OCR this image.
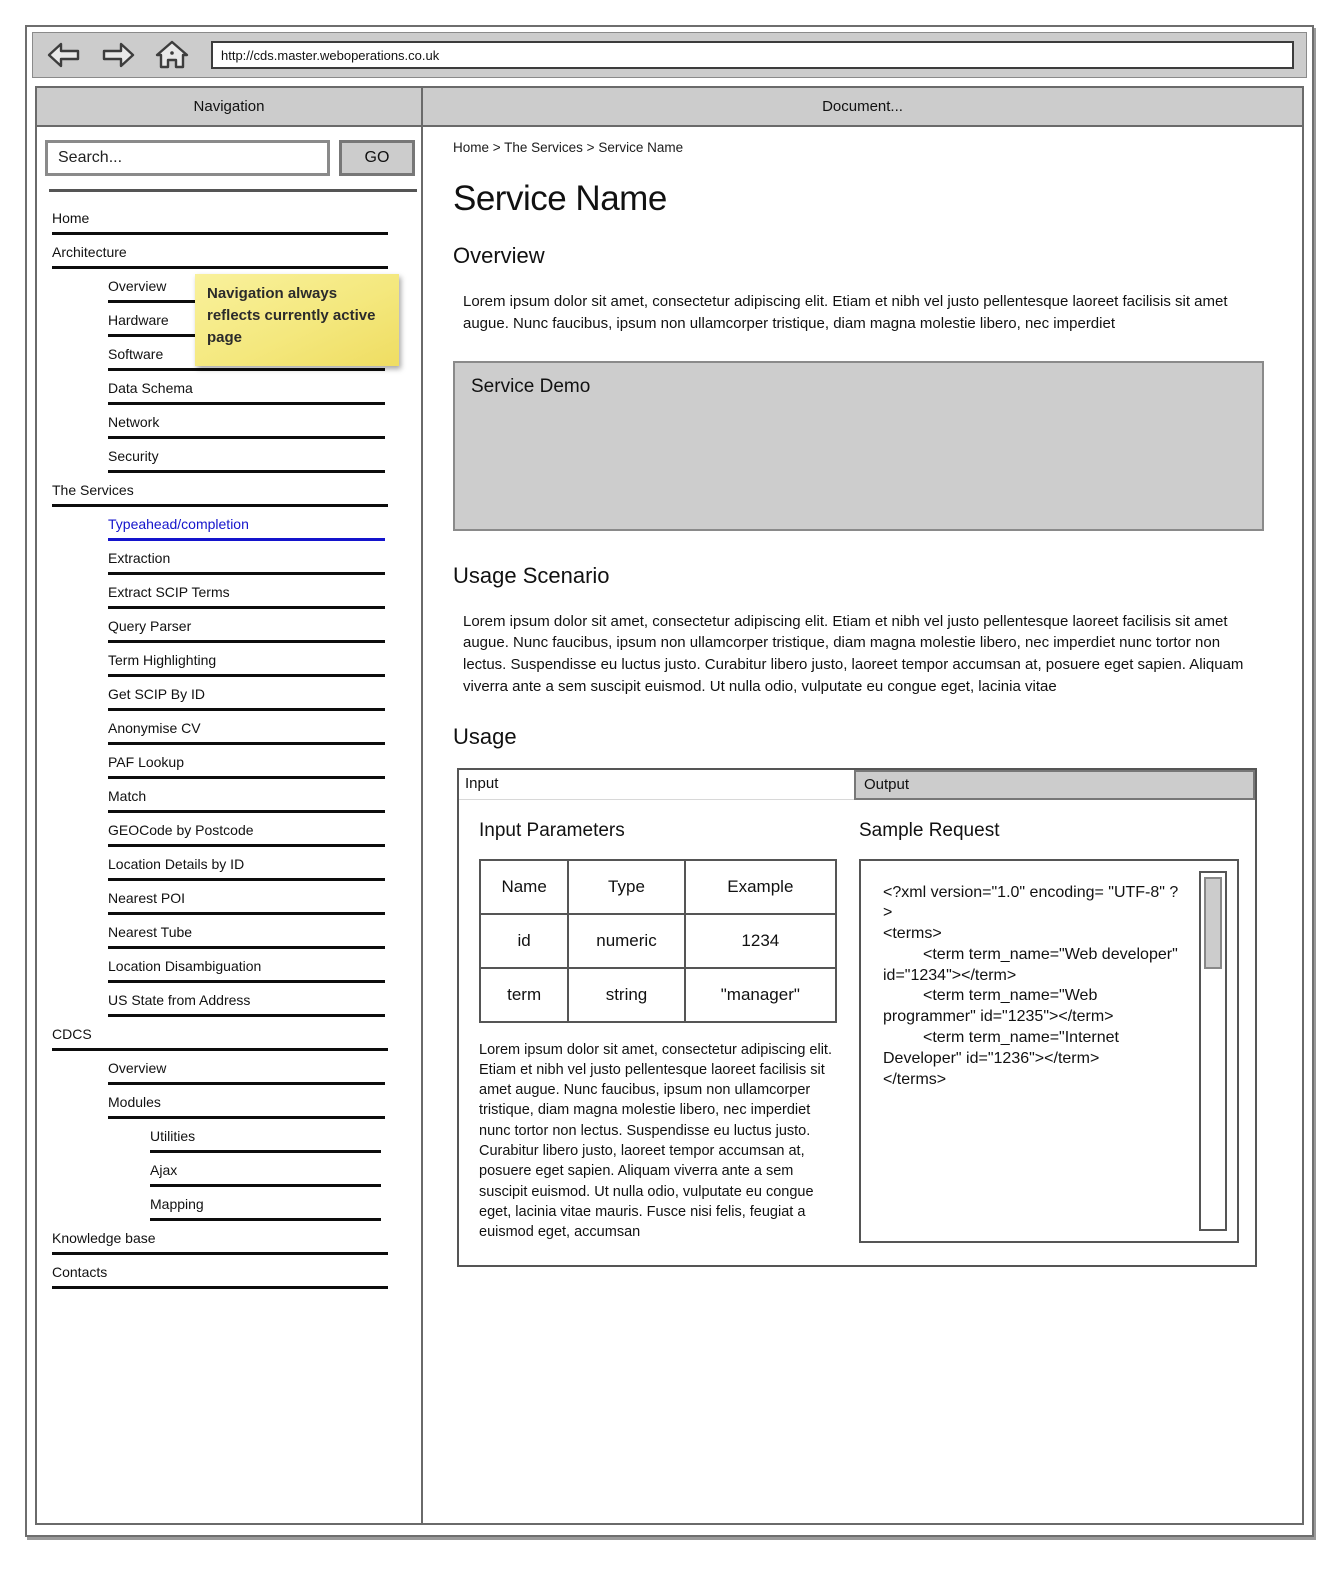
http://cds.master.weboperations.co.uk
Navigation
Search...
GO
Home
Architecture
Overview
Hardware
Software
Data Schema
Network
Security
The Services
Typeahead/completion
Extraction
Extract SCIP Terms
Query Parser
Term Highlighting
Get SCIP By ID
Anonymise CV
PAF Lookup
Match
GEOCode by Postcode
Location Details by ID
Nearest POI
Nearest Tube
Location Disambiguation
US State from Address
CDCS
Overview
Modules
Utilities
Ajax
Mapping
Knowledge base
Contacts
Navigation always reflects currently active page
Document...
Home > The Services > Service Name
Service Name
Overview
Lorem ipsum dolor sit amet, consectetur adipiscing elit. Etiam et nibh vel justo pellentesque laoreet facilisis sit amet augue. Nunc faucibus, ipsum non ullamcorper tristique, diam magna molestie libero, nec imperdiet
Service Demo
Usage Scenario
Lorem ipsum dolor sit amet, consectetur adipiscing elit. Etiam et nibh vel justo pellentesque laoreet facilisis sit amet augue. Nunc faucibus, ipsum non ullamcorper tristique, diam magna molestie libero, nec imperdiet nunc tortor non lectus. Suspendisse eu luctus justo. Curabitur libero justo, laoreet tempor accumsan at, posuere eget sapien. Aliquam viverra ante a sem suscipit euismod. Ut nulla odio, vulputate eu congue eget, lacinia vitae
Usage
Input	Output
Input Parameters
Name	Type	Example
id	numeric	1234
term	string	"manager"
Lorem ipsum dolor sit amet, consectetur adipiscing elit. Etiam et nibh vel justo pellentesque laoreet facilisis sit amet augue. Nunc faucibus, ipsum non ullamcorper tristique, diam magna molestie libero, nec imperdiet nunc tortor non lectus. Suspendisse eu luctus justo. Curabitur libero justo, laoreet tempor accumsan at, posuere eget sapien. Aliquam viverra ante a sem suscipit euismod. Ut nulla odio, vulputate eu congue eget, lacinia vitae mauris. Fusce nisi felis, feugiat a euismod eget, accumsan
Sample Request
<?xml version="1.0" encoding= "UTF-8" ?>
<terms>
<term term_name="Web developer" id="1234"></term>
<term term_name="Web programmer" id="1235"></term>
<term term_name="Internet Developer" id="1236"></term>
</terms>
